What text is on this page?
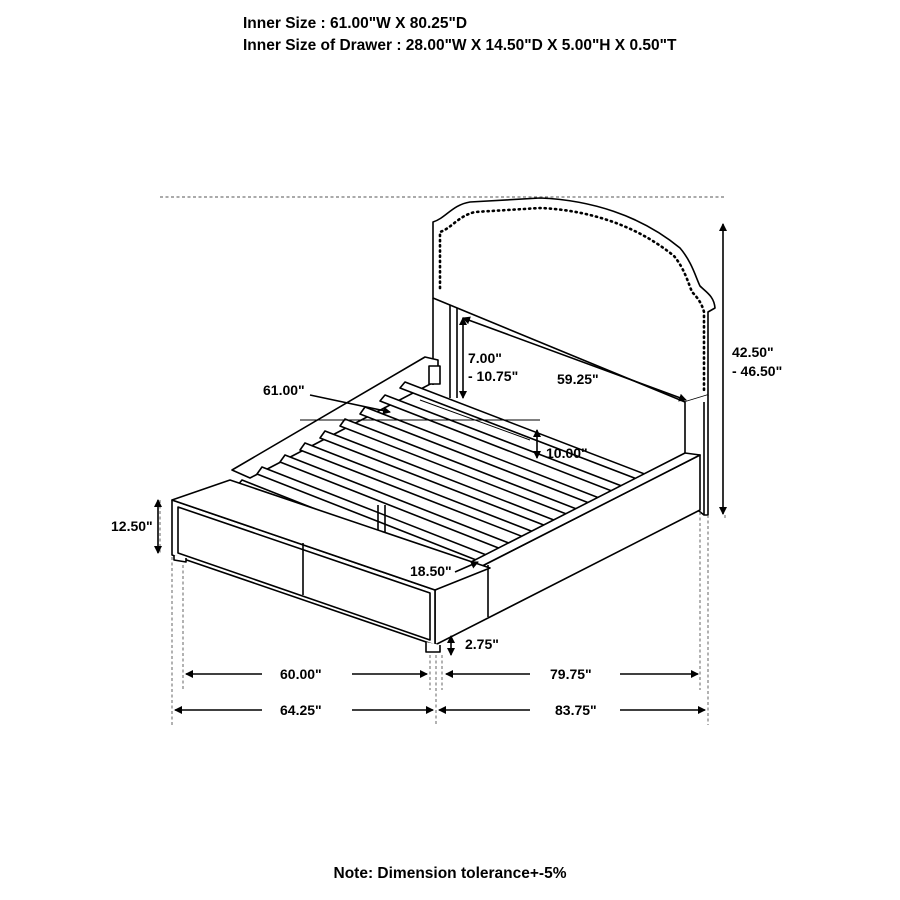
Inner Size : 61.00"W X 80.25"D
Inner Size of Drawer : 28.00"W X 14.50"D X 5.00"H X 0.50"T
61.00"
7.00"
- 10.75"	59.25"
42.50"
- 46.50"
10.00"
12.50"
18.50"
2.75"
60.00"	79.75"
64.25"	83.75"
Note: Dimension tolerance+-5%
